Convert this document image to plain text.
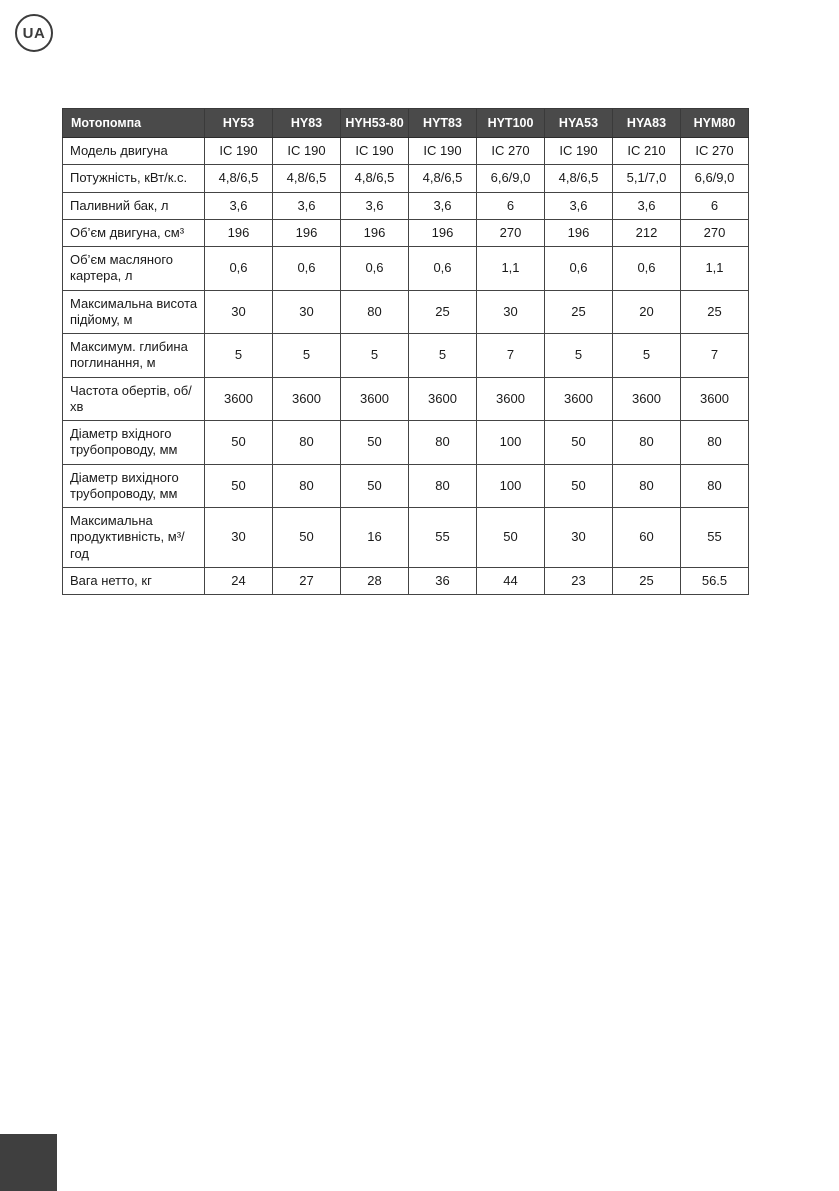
UA
Мотопомпа	HY53	HY83	HYH53-80	HYT83	HYT100	HYA53	HYA83	HYM80
Модель двигуна	IC 190	IC 190	IC 190	IC 190	IC 270	IC 190	IC 210	IC 270
Потужність, кВт/к.с.	4,8/6,5	4,8/6,5	4,8/6,5	4,8/6,5	6,6/9,0	4,8/6,5	5,1/7,0	6,6/9,0
Паливний бак, л	3,6	3,6	3,6	3,6	6	3,6	3,6	6
Об’єм двигуна, см³	196	196	196	196	270	196	212	270
Об’єм масляного картера, л	0,6	0,6	0,6	0,6	1,1	0,6	0,6	1,1
Максимальна висота підйому, м	30	30	80	25	30	25	20	25
Максимум. глибина поглинання, м	5	5	5	5	7	5	5	7
Частота обертів, об/хв	3600	3600	3600	3600	3600	3600	3600	3600
Діаметр вхідного трубопроводу, мм	50	80	50	80	100	50	80	80
Діаметр вихідного трубопроводу, мм	50	80	50	80	100	50	80	80
Максимальна продуктивність, м³/год	30	50	16	55	50	30	60	55
Вага нетто, кг	24	27	28	36	44	23	25	56.5
